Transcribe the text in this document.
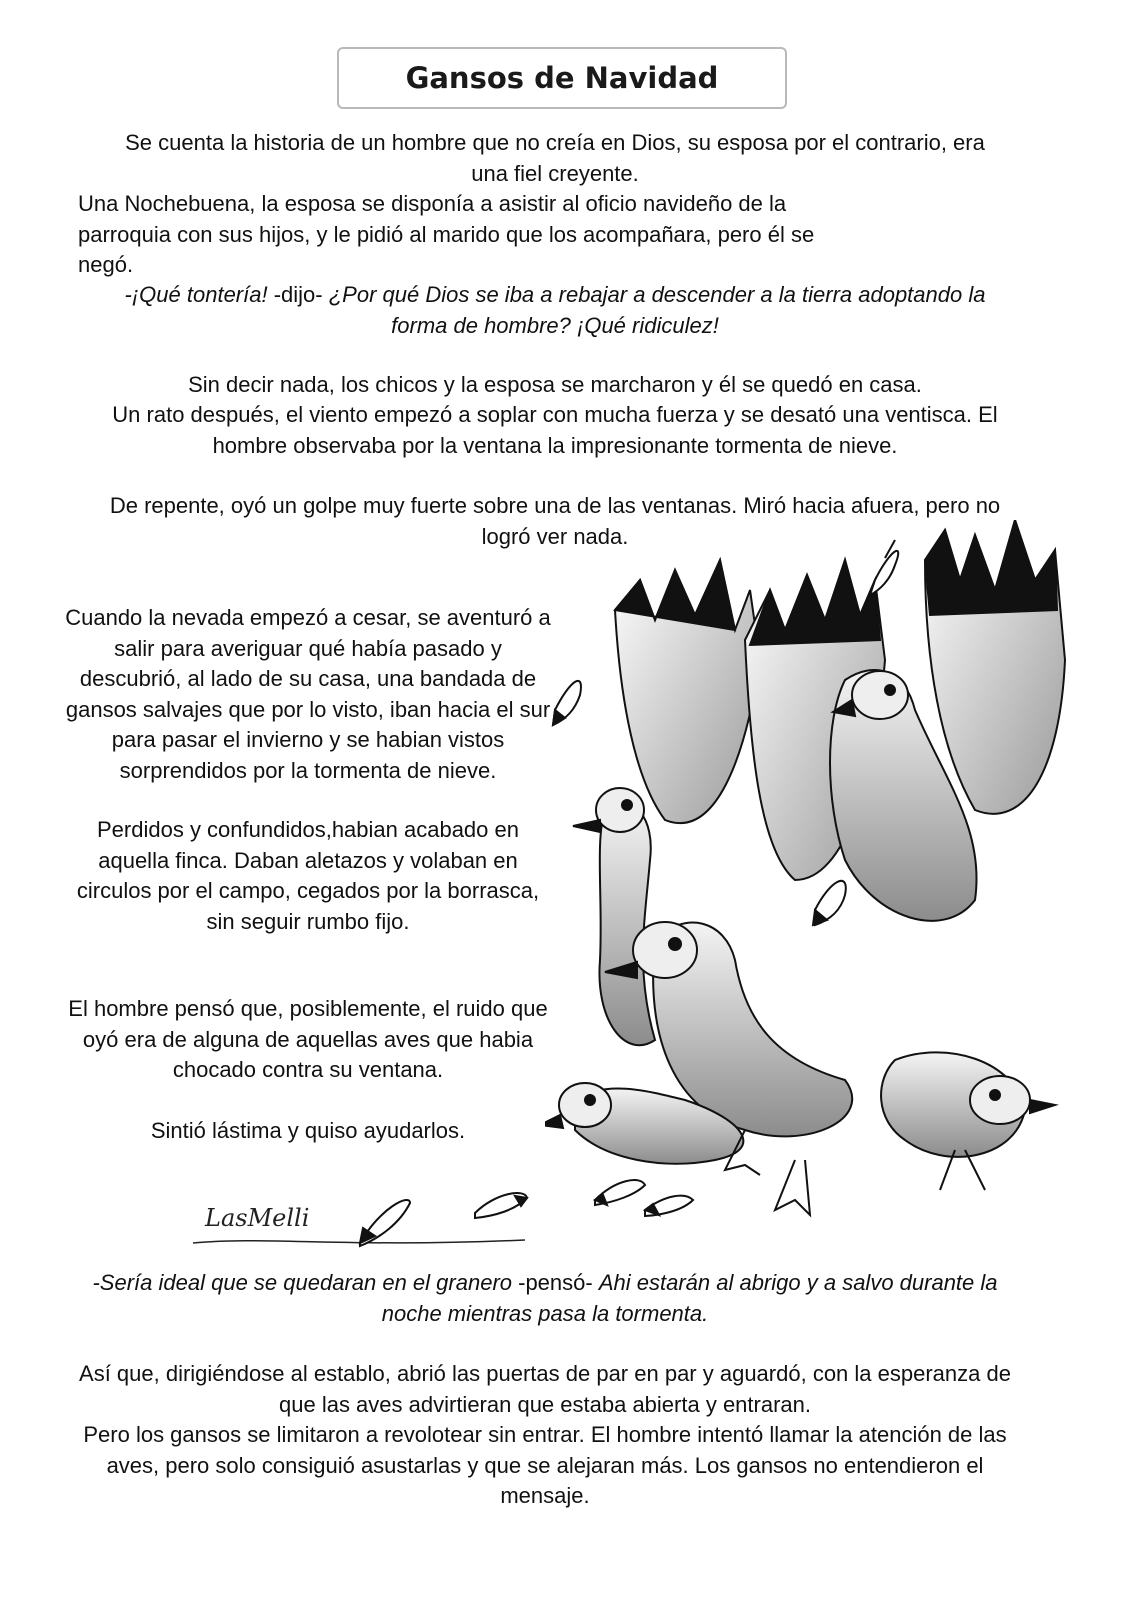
Gansos de Navidad
Se cuenta la historia de un hombre que no creía en Dios, su esposa por el contrario, era una fiel creyente.
Una Nochebuena, la esposa se disponía a asistir al oficio navideño de la
parroquia con sus hijos, y le pidió al marido que los acompañara, pero él se
negó.
-¡Qué tontería! -dijo- ¿Por qué Dios se iba a rebajar a descender a la tierra adoptando la forma de hombre? ¡Qué ridiculez!
Sin decir nada, los chicos y la esposa se marcharon y él se quedó en casa.
Un rato después, el viento empezó a soplar con mucha fuerza y se desató una ventisca. El hombre observaba por la ventana la impresionante tormenta de nieve.
De repente, oyó un golpe muy fuerte sobre una de las ventanas. Miró hacia afuera, pero no logró ver nada.
Cuando la nevada empezó a cesar, se aventuró a salir para averiguar qué había pasado y descubrió, al lado de su casa, una bandada de gansos salvajes que por lo visto, iban hacia el sur para pasar el invierno y se habian vistos sorprendidos por la tormenta de nieve.
Perdidos y confundidos,habian acabado en aquella finca. Daban aletazos y volaban en circulos por el campo, cegados por la borrasca, sin seguir rumbo fijo.
El hombre pensó que, posiblemente, el ruido que oyó era de alguna de aquellas aves que habia chocado contra su ventana.
Sintió lástima y quiso ayudarlos.
LasMelli
-Sería ideal que se quedaran en el granero -pensó- Ahi estarán al abrigo y a salvo durante la noche mientras pasa la tormenta.
Así que, dirigiéndose al establo, abrió las puertas de par en par y aguardó, con la esperanza de que las aves advirtieran que estaba abierta y entraran.
Pero los gansos se limitaron a revolotear sin entrar. El hombre intentó llamar la atención de las aves, pero solo consiguió asustarlas y que se alejaran más. Los gansos no entendieron el mensaje.
